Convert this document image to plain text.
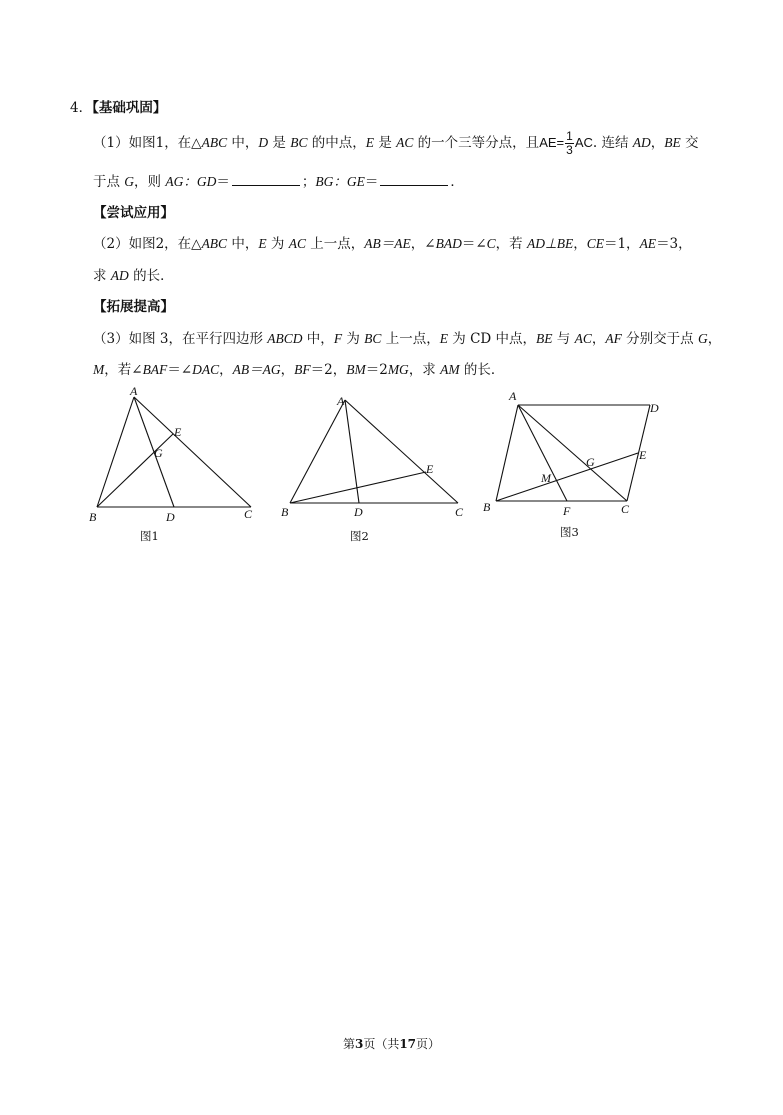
4．【基础巩固】
（1）如图1，在△ABC 中，D 是 BC 的中点，E 是 AC 的一个三等分点，且$AE= \frac{1}{3}$ AC. 连结 AD，BE 交
于点 G，则 AG：GD＝	；BG：GE＝	．
【尝试应用】
（2）如图2，在△ABC 中，E 为 AC 上一点，AB＝AE，∠BAD＝∠C，若 AD⊥BE，CE＝1，AE＝3，
求 AD 的长．
【拓展提高】
（3）如图 3，在平行四边形 ABCD 中，F 为 BC 上一点，E 为 CD 中点，BE 与 AC，AF 分别交于点 G，
M，若∠BAF＝∠DAC，AB＝AG，BF＝2，BM＝2MG，求 AM 的长．
A
B	C
D
E
G
A
B	C
D
E
A
B	C
D
E
F
G
M
图1	图2	图3
第3页（共17页）
